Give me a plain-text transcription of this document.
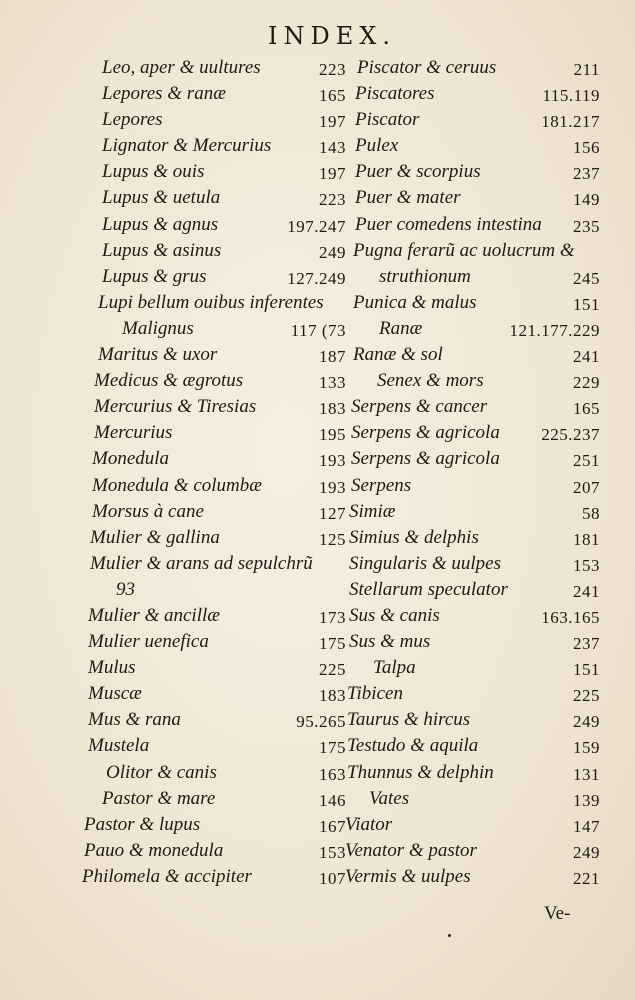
INDEX.
Leo, aper & uultures	223
Lepores & ranæ	165
Lepores	197
Lignator & Mercurius	143
Lupus & ouis	197
Lupus & uetula	223
Lupus & agnus	197.247
Lupus & asinus	249
Lupus & grus	127.249
Lupi bellum ouibus inferentes
Malignus	117 (73
Maritus & uxor	187
Medicus & ægrotus	133
Mercurius & Tiresias	183
Mercurius	195
Monedula	193
Monedula & columbæ	193
Morsus à cane	127
Mulier & gallina	125
Mulier & arans ad sepulchrũ
93
Mulier & ancillæ	173
Mulier uenefica	175
Mulus	225
Muscæ	183
Mus & rana	95.265
Mustela	175
Olitor & canis	163
Pastor & mare	146
Pastor & lupus	167
Pauo & monedula	153
Philomela & accipiter	107
Piscator & ceruus	211
Piscatores	115.119
Piscator	181.217
Pulex	156
Puer & scorpius	237
Puer & mater	149
Puer comedens intestina 235
Pugna ferarũ ac uolucrum &
struthionum	245
Punica & malus	151
Ranæ	121.177.229
Ranæ & sol	241
Senex & mors	229
Serpens & cancer	165
Serpens & agricola 225.237
Serpens & agricola	251
Serpens	207
Simiæ	58
Simius & delphis	181
Singularis & uulpes	153
Stellarum speculator	241
Sus & canis	163.165
Sus & mus	237
Talpa	151
Tibicen	225
Taurus & hircus	249
Testudo & aquila	159
Thunnus & delphin	131
Vates	139
Viator	147
Venator & pastor	249
Vermis & uulpes	221
Ve-
